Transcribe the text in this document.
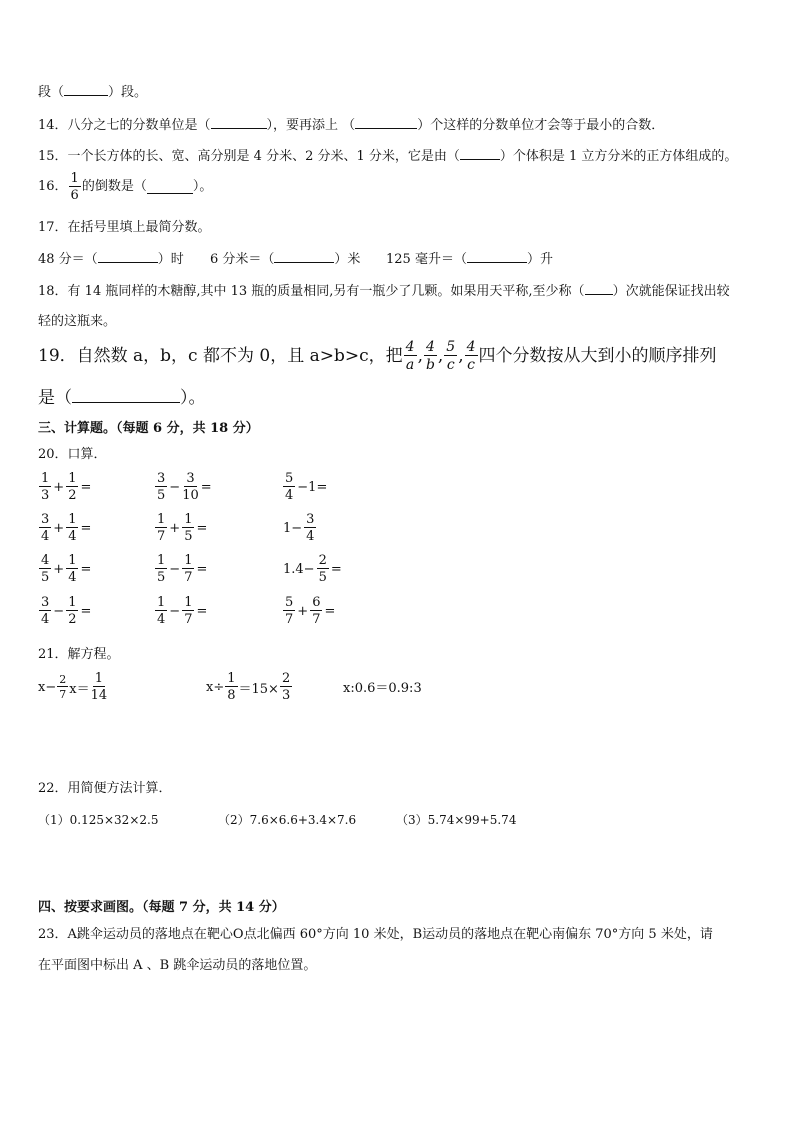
段（	）段。
14．八分之七的分数单位是（	），要再添上 （	）个这样的分数单位才会等于最小的合数．
15．一个长方体的长、宽、高分别是 4 分米、2 分米、1 分米，它是由（	）个体积是 1 立方分米的正方体组成的。
16． $\frac{1}{6}$ 的倒数是（	）。
17．在括号里填上最简分数。
48 分＝（	）时 6 分米＝（	）米 125 毫升＝（	）升
18．有 14 瓶同样的木糖醇,其中 13 瓶的质量相同,另有一瓶少了几颗。如果用天平称,至少称（ ）次就能保证找出较
轻的这瓶来。
19．自然数 a，b，c 都不为 0，且 a>b>c，把 $\frac{4}{a}$ , $\frac{4}{b}$ , $\frac{5}{c}$ , $\frac{4}{c}$ 四个分数按从大到小的顺序排列
是（	）。
三、计算题。（每题 6 分，共 18 分）
20．口算．
$\frac{1}{3} + \frac{1}{2}$ =	$\frac{3}{5} - \frac{3}{10}$ =	$\frac{5}{4} -1=$
$\frac{3}{4} + \frac{1}{4}$ =	$\frac{1}{7} + \frac{1}{5}$ =	$1- \frac{3}{4}$
$\frac{4}{5} + \frac{1}{4}$ =	$\frac{1}{5} - \frac{1}{7}$ =	$1.4- \frac{2}{5}$ =
$\frac{3}{4} - \frac{1}{2}$ =	$\frac{1}{4} - \frac{1}{7}$ =	$\frac{5}{7} + \frac{6}{7}$ =
21．解方程。
$x- \frac{2}{7} x= \frac{1}{14}$	$x\div \frac{1}{8} =15\times \frac{2}{3}$	x:0.6＝0.9:3
22．用简便方法计算．
（1）0.125×32×2.5	（2）7.6×6.6+3.4×7.6	（3）5.74×99+5.74
四、按要求画图。（每题 7 分，共 14 分）
23．A跳伞运动员的落地点在靶心O点北偏西 60°方向 10 米处，B运动员的落地点在靶心南偏东 70°方向 5 米处，请
在平面图中标出 A 、B 跳伞运动员的落地位置。
